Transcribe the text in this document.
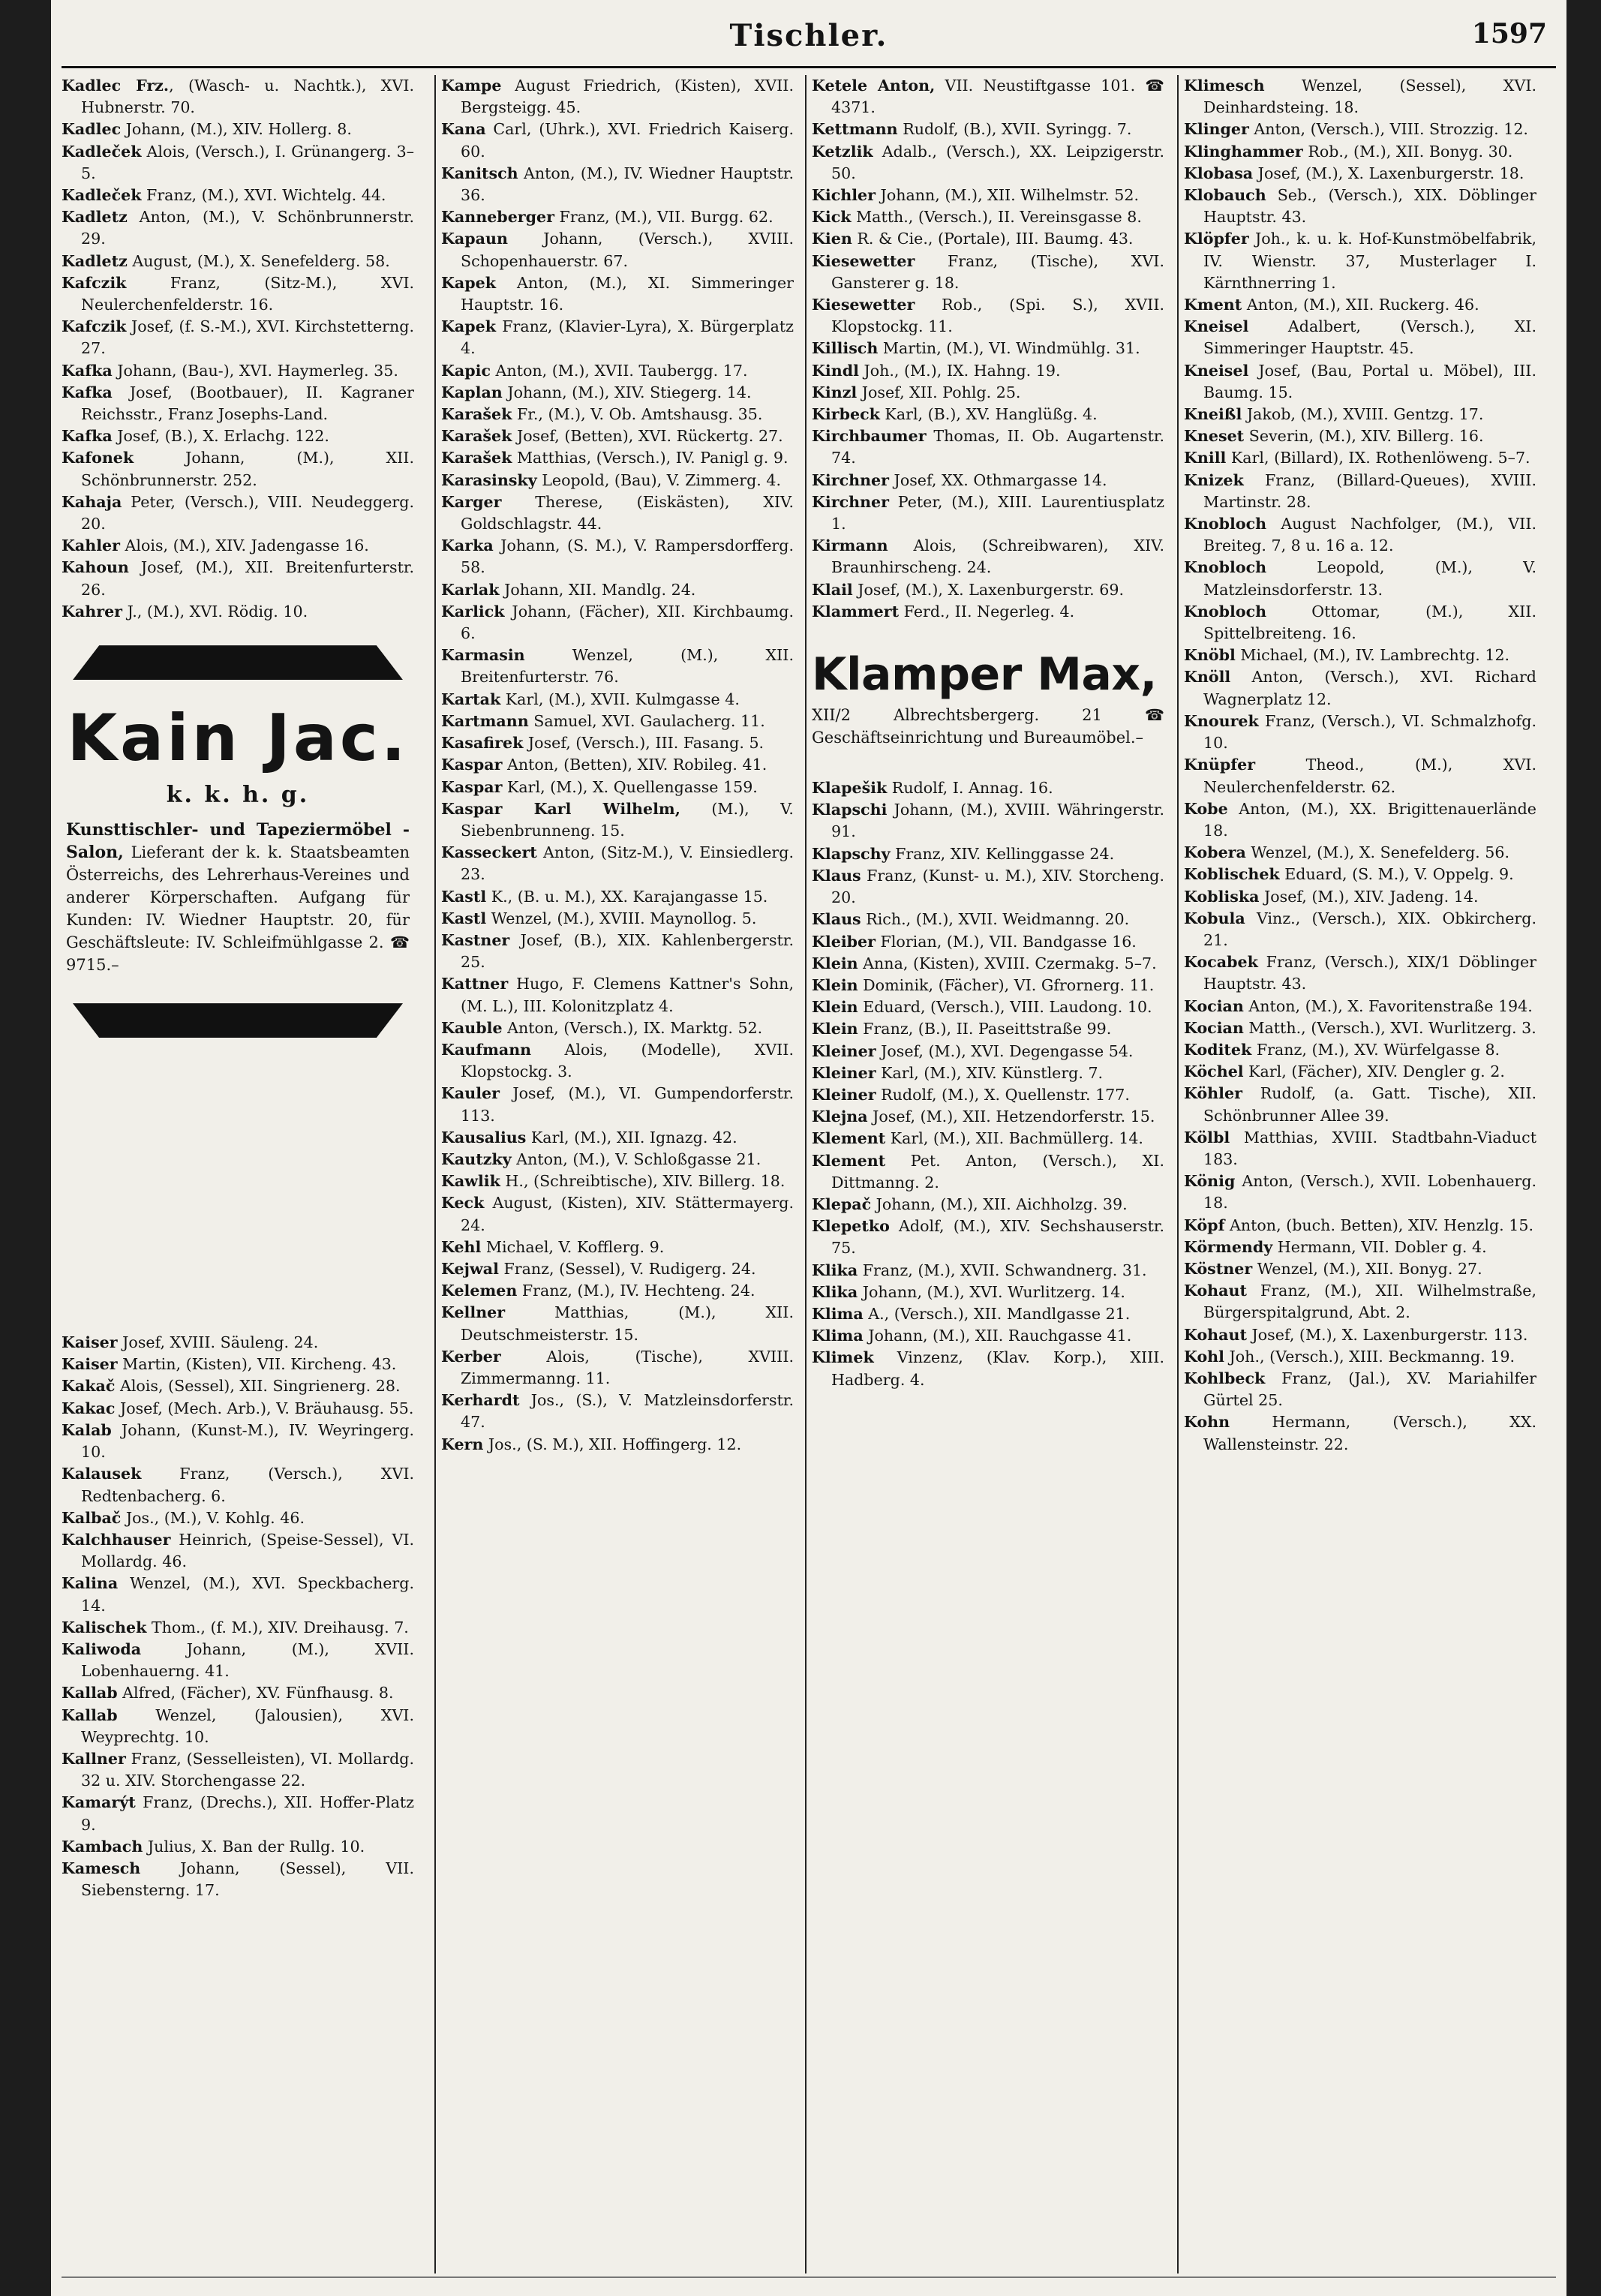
Tischler.	1597

Kadlec Frz., (Wasch- u. Nachtk.), XVI. Hubnerstr. 70.

Kadlec Johann, (M.), XIV. Hollerg. 8.

Kadleček Alois, (Versch.), I. Grünangerg. 3–5.

Kadleček Franz, (M.), XVI. Wichtelg. 44.

Kadletz Anton, (M.), V. Schönbrunnerstr. 29.

Kadletz August, (M.), X. Senefelderg. 58.

Kafczik Franz, (Sitz-M.), XVI. Neulerchenfelderstr. 16.

Kafczik Josef, (f. S.-M.), XVI. Kirchstetterng. 27.

Kafka Johann, (Bau-), XVI. Haymerleg. 35.

Kafka Josef, (Bootbauer), II. Kagraner Reichsstr., Franz Josephs-Land.

Kafka Josef, (B.), X. Erlachg. 122.

Kafonek Johann, (M.), XII. Schönbrunnerstr. 252.

Kahaja Peter, (Versch.), VIII. Neudeggerg. 20.

Kahler Alois, (M.), XIV. Jadengasse 16.

Kahoun Josef, (M.), XII. Breitenfurterstr. 26.

Kahrer J., (M.), XVI. Rödig. 10.

Kain Jac.
k. k. h. g.
Kunsttischler- und Tapeziermöbel - Salon, Lieferant der k. k. Staatsbeamten Österreichs, des Lehrerhaus-Vereines und anderer Körperschaften. Aufgang für Kunden: IV. Wiedner Hauptstr. 20, für Geschäftsleute: IV. Schleifmühlgasse 2. ☎ 9715.–

Kaiser Josef, XVIII. Säuleng. 24.

Kaiser Martin, (Kisten), VII. Kircheng. 43.

Kakač Alois, (Sessel), XII. Singrienerg. 28.

Kakac Josef, (Mech. Arb.), V. Bräuhausg. 55.

Kalab Johann, (Kunst-M.), IV. Weyringerg. 10.

Kalausek Franz, (Versch.), XVI. Redtenbacherg. 6.

Kalbač Jos., (M.), V. Kohlg. 46.

Kalchhauser Heinrich, (Speise-Sessel), VI. Mollardg. 46.

Kalina Wenzel, (M.), XVI. Speckbacherg. 14.

Kalischek Thom., (f. M.), XIV. Dreihausg. 7.

Kaliwoda Johann, (M.), XVII. Lobenhauerng. 41.

Kallab Alfred, (Fächer), XV. Fünfhausg. 8.

Kallab Wenzel, (Jalousien), XVI. Weyprechtg. 10.

Kallner Franz, (Sesselleisten), VI. Mollardg. 32 u. XIV. Storchengasse 22.

Kamarýt Franz, (Drechs.), XII. Hoffer-Platz 9.

Kambach Julius, X. Ban der Rullg. 10.

Kamesch Johann, (Sessel), VII. Siebensterng. 17.

Kampe August Friedrich, (Kisten), XVII. Bergsteigg. 45.

Kana Carl, (Uhrk.), XVI. Friedrich Kaiserg. 60.

Kanitsch Anton, (M.), IV. Wiedner Hauptstr. 36.

Kanneberger Franz, (M.), VII. Burgg. 62.

Kapaun Johann, (Versch.), XVIII. Schopenhauerstr. 67.

Kapek Anton, (M.), XI. Simmeringer Hauptstr. 16.

Kapek Franz, (Klavier-Lyra), X. Bürgerplatz 4.

Kapic Anton, (M.), XVII. Taubergg. 17.

Kaplan Johann, (M.), XIV. Stiegerg. 14.

Karašek Fr., (M.), V. Ob. Amtshausg. 35.

Karašek Josef, (Betten), XVI. Rückertg. 27.

Karašek Matthias, (Versch.), IV. Panigl g. 9.

Karasinsky Leopold, (Bau), V. Zimmerg. 4.

Karger Therese, (Eiskästen), XIV. Goldschlagstr. 44.

Karka Johann, (S. M.), V. Rampersdorfferg. 58.

Karlak Johann, XII. Mandlg. 24.

Karlick Johann, (Fächer), XII. Kirchbaumg. 6.

Karmasin Wenzel, (M.), XII. Breitenfurterstr. 76.

Kartak Karl, (M.), XVII. Kulmgasse 4.

Kartmann Samuel, XVI. Gaulacherg. 11.

Kasafirek Josef, (Versch.), III. Fasang. 5.

Kaspar Anton, (Betten), XIV. Robileg. 41.

Kaspar Karl, (M.), X. Quellengasse 159.

Kaspar Karl Wilhelm, (M.), V. Siebenbrunneng. 15.

Kasseckert Anton, (Sitz-M.), V. Einsiedlerg. 23.

Kastl K., (B. u. M.), XX. Karajangasse 15.

Kastl Wenzel, (M.), XVIII. Maynollog. 5.

Kastner Josef, (B.), XIX. Kahlenbergerstr. 25.

Kattner Hugo, F. Clemens Kattner's Sohn, (M. L.), III. Kolonitzplatz 4.

Kauble Anton, (Versch.), IX. Marktg. 52.

Kaufmann Alois, (Modelle), XVII. Klopstockg. 3.

Kauler Josef, (M.), VI. Gumpendorferstr. 113.

Kausalius Karl, (M.), XII. Ignazg. 42.

Kautzky Anton, (M.), V. Schloßgasse 21.

Kawlik H., (Schreibtische), XIV. Billerg. 18.

Keck August, (Kisten), XIV. Stättermayerg. 24.

Kehl Michael, V. Kofflerg. 9.

Kejwal Franz, (Sessel), V. Rudigerg. 24.

Kelemen Franz, (M.), IV. Hechteng. 24.

Kellner Matthias, (M.), XII. Deutschmeisterstr. 15.

Kerber Alois, (Tische), XVIII. Zimmermanng. 11.

Kerhardt Jos., (S.), V. Matzleinsdorferstr. 47.

Kern Jos., (S. M.), XII. Hoffingerg. 12.

Ketele Anton, VII. Neustiftgasse 101. ☎ 4371.

Kettmann Rudolf, (B.), XVII. Syringg. 7.

Ketzlik Adalb., (Versch.), XX. Leipzigerstr. 50.

Kichler Johann, (M.), XII. Wilhelmstr. 52.

Kick Matth., (Versch.), II. Vereinsgasse 8.

Kien R. & Cie., (Portale), III. Baumg. 43.

Kiesewetter Franz, (Tische), XVI. Gansterer g. 18.

Kiesewetter Rob., (Spi. S.), XVII. Klopstockg. 11.

Killisch Martin, (M.), VI. Windmühlg. 31.

Kindl Joh., (M.), IX. Hahng. 19.

Kinzl Josef, XII. Pohlg. 25.

Kirbeck Karl, (B.), XV. Hanglüßg. 4.

Kirchbaumer Thomas, II. Ob. Augartenstr. 74.

Kirchner Josef, XX. Othmargasse 14.

Kirchner Peter, (M.), XIII. Laurentiusplatz 1.

Kirmann Alois, (Schreibwaren), XIV. Braunhirscheng. 24.

Klail Josef, (M.), X. Laxenburgerstr. 69.

Klammert Ferd., II. Negerleg. 4.

Klamper Max,
XII/2 Albrechtsbergerg. 21 ☎ Geschäftseinrichtung und Bureaumöbel.–

Klapešik Rudolf, I. Annag. 16.

Klapschi Johann, (M.), XVIII. Währingerstr. 91.

Klapschy Franz, XIV. Kellinggasse 24.

Klaus Franz, (Kunst- u. M.), XIV. Storcheng. 20.

Klaus Rich., (M.), XVII. Weidmanng. 20.

Kleiber Florian, (M.), VII. Bandgasse 16.

Klein Anna, (Kisten), XVIII. Czermakg. 5–7.

Klein Dominik, (Fächer), VI. Gfrornerg. 11.

Klein Eduard, (Versch.), VIII. Laudong. 10.

Klein Franz, (B.), II. Paseittstraße 99.

Kleiner Josef, (M.), XVI. Degengasse 54.

Kleiner Karl, (M.), XIV. Künstlerg. 7.

Kleiner Rudolf, (M.), X. Quellenstr. 177.

Klejna Josef, (M.), XII. Hetzendorferstr. 15.

Klement Karl, (M.), XII. Bachmüllerg. 14.

Klement Pet. Anton, (Versch.), XI. Dittmanng. 2.

Klepač Johann, (M.), XII. Aichholzg. 39.

Klepetko Adolf, (M.), XIV. Sechshauserstr. 75.

Klika Franz, (M.), XVII. Schwandnerg. 31.

Klika Johann, (M.), XVI. Wurlitzerg. 14.

Klima A., (Versch.), XII. Mandlgasse 21.

Klima Johann, (M.), XII. Rauchgasse 41.

Klimek Vinzenz, (Klav. Korp.), XIII. Hadberg. 4.

Klimesch Wenzel, (Sessel), XVI. Deinhardsteing. 18.

Klinger Anton, (Versch.), VIII. Strozzig. 12.

Klinghammer Rob., (M.), XII. Bonyg. 30.

Klobasa Josef, (M.), X. Laxenburgerstr. 18.

Klobauch Seb., (Versch.), XIX. Döblinger Hauptstr. 43.

Klöpfer Joh., k. u. k. Hof-Kunstmöbelfabrik, IV. Wienstr. 37, Musterlager I. Kärnthnerring 1.

Kment Anton, (M.), XII. Ruckerg. 46.

Kneisel Adalbert, (Versch.), XI. Simmeringer Hauptstr. 45.

Kneisel Josef, (Bau, Portal u. Möbel), III. Baumg. 15.

Kneißl Jakob, (M.), XVIII. Gentzg. 17.

Kneset Severin, (M.), XIV. Billerg. 16.

Knill Karl, (Billard), IX. Rothenlöweng. 5–7.

Knizek Franz, (Billard-Queues), XVIII. Martinstr. 28.

Knobloch August Nachfolger, (M.), VII. Breiteg. 7, 8 u. 16 a. 12.

Knobloch Leopold, (M.), V. Matzleinsdorferstr. 13.

Knobloch Ottomar, (M.), XII. Spittelbreiteng. 16.

Knöbl Michael, (M.), IV. Lambrechtg. 12.

Knöll Anton, (Versch.), XVI. Richard Wagnerplatz 12.

Knourek Franz, (Versch.), VI. Schmalzhofg. 10.

Knüpfer Theod., (M.), XVI. Neulerchenfelderstr. 62.

Kobe Anton, (M.), XX. Brigittenauerlände 18.

Kobera Wenzel, (M.), X. Senefelderg. 56.

Koblischek Eduard, (S. M.), V. Oppelg. 9.

Kobliska Josef, (M.), XIV. Jadeng. 14.

Kobula Vinz., (Versch.), XIX. Obkircherg. 21.

Kocabek Franz, (Versch.), XIX/1 Döblinger Hauptstr. 43.

Kocian Anton, (M.), X. Favoritenstraße 194.

Kocian Matth., (Versch.), XVI. Wurlitzerg. 3.

Koditek Franz, (M.), XV. Würfelgasse 8.

Köchel Karl, (Fächer), XIV. Dengler g. 2.

Köhler Rudolf, (a. Gatt. Tische), XII. Schönbrunner Allee 39.

Kölbl Matthias, XVIII. Stadtbahn-Viaduct 183.

König Anton, (Versch.), XVII. Lobenhauerg. 18.

Köpf Anton, (buch. Betten), XIV. Henzlg. 15.

Körmendy Hermann, VII. Dobler g. 4.

Köstner Wenzel, (M.), XII. Bonyg. 27.

Kohaut Franz, (M.), XII. Wilhelmstraße, Bürgerspitalgrund, Abt. 2.

Kohaut Josef, (M.), X. Laxenburgerstr. 113.

Kohl Joh., (Versch.), XIII. Beckmanng. 19.

Kohlbeck Franz, (Jal.), XV. Mariahilfer Gürtel 25.

Kohn Hermann, (Versch.), XX. Wallensteinstr. 22.
